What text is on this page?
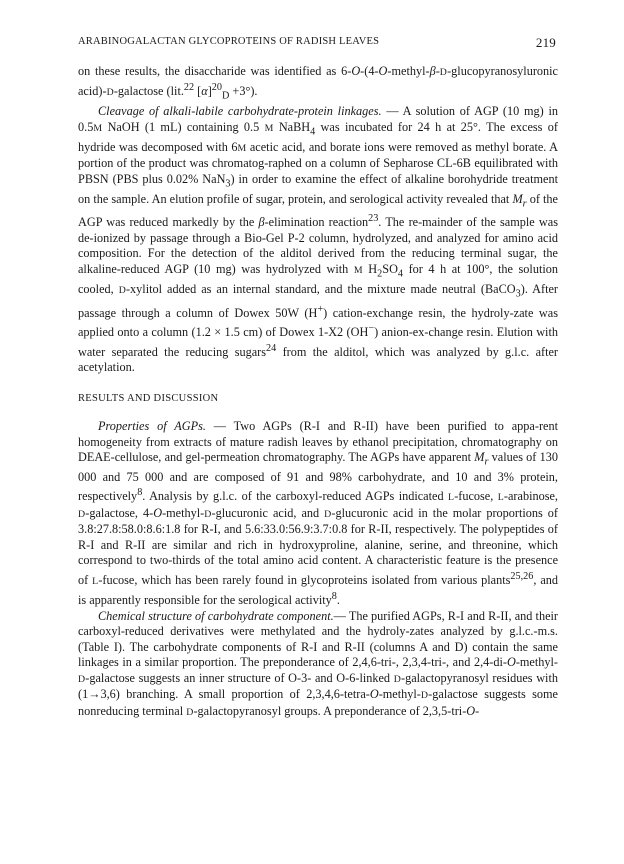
ARABINOGALACTAN GLYCOPROTEINS OF RADISH LEAVES	219

on these results, the disaccharide was identified as 6-O-(4-O-methyl-β-D-glucopyranosyluronic acid)-D-galactose (lit.$^{22}$ $[\alpha]^{20}_D +3^\circ$).

Cleavage of alkali-labile carbohydrate-protein linkages. — A solution of AGP (10 mg) in 0.5M NaOH (1 mL) containing 0.5 M NaBH$_4$ was incubated for 24 h at 25°. The excess of hydride was decomposed with 6M acetic acid, and borate ions were removed as methyl borate. A portion of the product was chromatog-raphed on a column of Sepharose CL-6B equilibrated with PBSN (PBS plus 0.02% NaN$_3$) in order to examine the effect of alkaline borohydride treatment on the sample. An elution profile of sugar, protein, and serological activity revealed that $M_r$ of the AGP was reduced markedly by the β-elimination reaction$^{23}$. The re-mainder of the sample was de-ionized by passage through a Bio-Gel P-2 column, hydrolyzed, and analyzed for amino acid composition. For the detection of the alditol derived from the reducing terminal sugar, the alkaline-reduced AGP (10 mg) was hydrolyzed with M $H_2SO_4$ for 4 h at 100°, the solution cooled, D-xylitol added as an internal standard, and the mixture made neutral (BaCO$_3$). After passage through a column of Dowex 50W (H+) cation-exchange resin, the hydroly-zate was applied onto a column (1.2 × 1.5 cm) of Dowex 1-X2 (OH−) anion-ex-change resin. Elution with water separated the reducing sugars$^{24}$ from the alditol, which was analyzed by g.l.c. after acetylation.

RESULTS AND DISCUSSION

Properties of AGPs. — Two AGPs (R-I and R-II) have been purified to appa-rent homogeneity from extracts of mature radish leaves by ethanol precipitation, chromatography on DEAE-cellulose, and gel-permeation chromatography. The AGPs have apparent $M_r$ values of 130 000 and 75 000 and are composed of 91 and 98% carbohydrate, and 10 and 3% protein, respectively$^8$. Analysis by g.l.c. of the carboxyl-reduced AGPs indicated L-fucose, L-arabinose, D-galactose, 4-O-methyl-D-glucuronic acid, and D-glucuronic acid in the molar proportions of 3.8:27.8:58.0:8.6:1.8 for R-I, and 5.6:33.0:56.9:3.7:0.8 for R-II, respectively. The polypeptides of R-I and R-II are similar and rich in hydroxyproline, alanine, serine, and threonine, which correspond to two-thirds of the total amino acid content. A characteristic feature is the presence of L-fucose, which has been rarely found in glycoproteins isolated from various plants$^{25,26}$, and is apparently responsible for the serological activity$^8$.

Chemical structure of carbohydrate component.— The purified AGPs, R-I and R-II, and their carboxyl-reduced derivatives were methylated and the hydroly-zates analyzed by g.l.c.-m.s. (Table I). The carbohydrate components of R-I and R-II (columns A and D) contain the same linkages in a similar proportion. The preponderance of 2,4,6-tri-, 2,3,4-tri-, and 2,4-di-O-methyl-D-galactose suggests an inner structure of O-3- and O-6-linked D-galactopyranosyl residues with (1→3,6) branching. A small proportion of 2,3,4,6-tetra-O-methyl-D-galactose suggests some nonreducing terminal D-galactopyranosyl groups. A preponderance of 2,3,5-tri-O-
